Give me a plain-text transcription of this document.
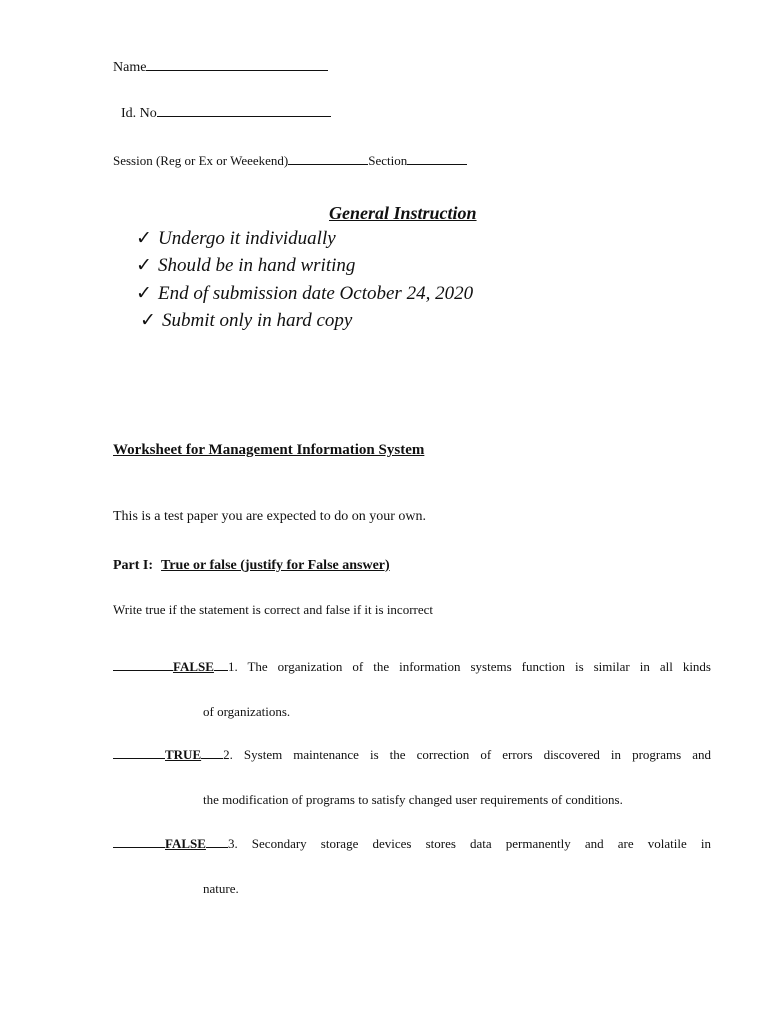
Name
Id. No
Session (Reg or Ex or Weeekend)	Section
General Instruction
✓ Undergo it individually
✓ Should be in hand writing
✓ End of submission date October 24, 2020
✓ Submit only in hard copy
Worksheet for Management Information System
This is a test paper you are expected to do on your own.
Part I: True or false (justify for False answer)
Write true if the statement is correct and false if it is incorrect
FALSE 1. The organization of the information systems function is similar in all kinds
of organizations.
TRUE 2. System maintenance is the correction of errors discovered in programs and
the modification of programs to satisfy changed user requirements of conditions.
FALSE 3. Secondary storage devices stores data permanently and are volatile in
nature.
